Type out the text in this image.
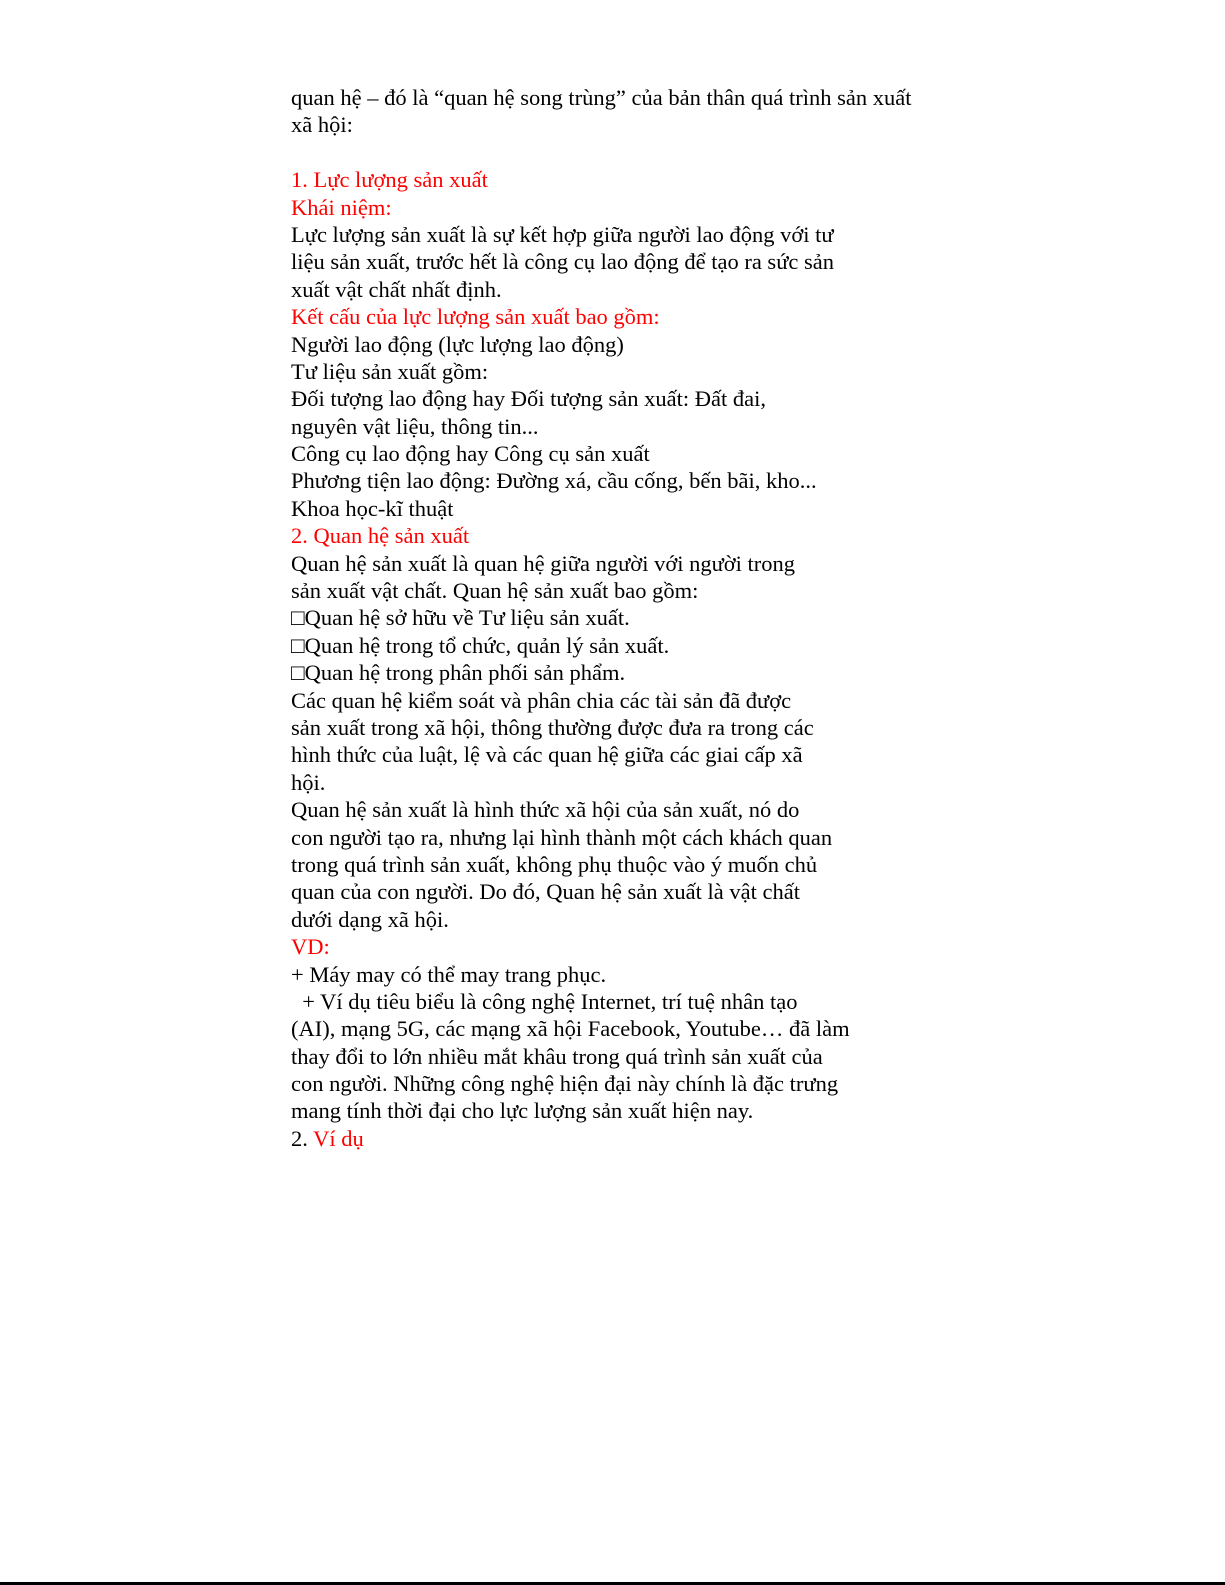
quan hệ – đó là “quan hệ song trùng” của bản thân quá trình sản xuất
xã hội:
1. Lực lượng sản xuất
Khái niệm:
Lực lượng sản xuất là sự kết hợp giữa người lao động với tư
liệu sản xuất, trước hết là công cụ lao động để tạo ra sức sản
xuất vật chất nhất định.
Kết cấu của lực lượng sản xuất bao gồm:
Người lao động (lực lượng lao động)
Tư liệu sản xuất gồm:
Đối tượng lao động hay Đối tượng sản xuất: Đất đai,
nguyên vật liệu, thông tin...
Công cụ lao động hay Công cụ sản xuất
Phương tiện lao động: Đường xá, cầu cống, bến bãi, kho...
Khoa học-kĩ thuật
2. Quan hệ sản xuất
Quan hệ sản xuất là quan hệ giữa người với người trong
sản xuất vật chất. Quan hệ sản xuất bao gồm:
□Quan hệ sở hữu về Tư liệu sản xuất.
□Quan hệ trong tổ chức, quản lý sản xuất.
□Quan hệ trong phân phối sản phẩm.
Các quan hệ kiểm soát và phân chia các tài sản đã được
sản xuất trong xã hội, thông thường được đưa ra trong các
hình thức của luật, lệ và các quan hệ giữa các giai cấp xã
hội.
Quan hệ sản xuất là hình thức xã hội của sản xuất, nó do
con người tạo ra, nhưng lại hình thành một cách khách quan
trong quá trình sản xuất, không phụ thuộc vào ý muốn chủ
quan của con người. Do đó, Quan hệ sản xuất là vật chất
dưới dạng xã hội.
VD:
+ Máy may có thể may trang phục.
+ Ví dụ tiêu biểu là công nghệ Internet, trí tuệ nhân tạo
(AI), mạng 5G, các mạng xã hội Facebook, Youtube… đã làm
thay đổi to lớn nhiều mắt khâu trong quá trình sản xuất của
con người. Những công nghệ hiện đại này chính là đặc trưng
mang tính thời đại cho lực lượng sản xuất hiện nay.
2. Ví dụ
